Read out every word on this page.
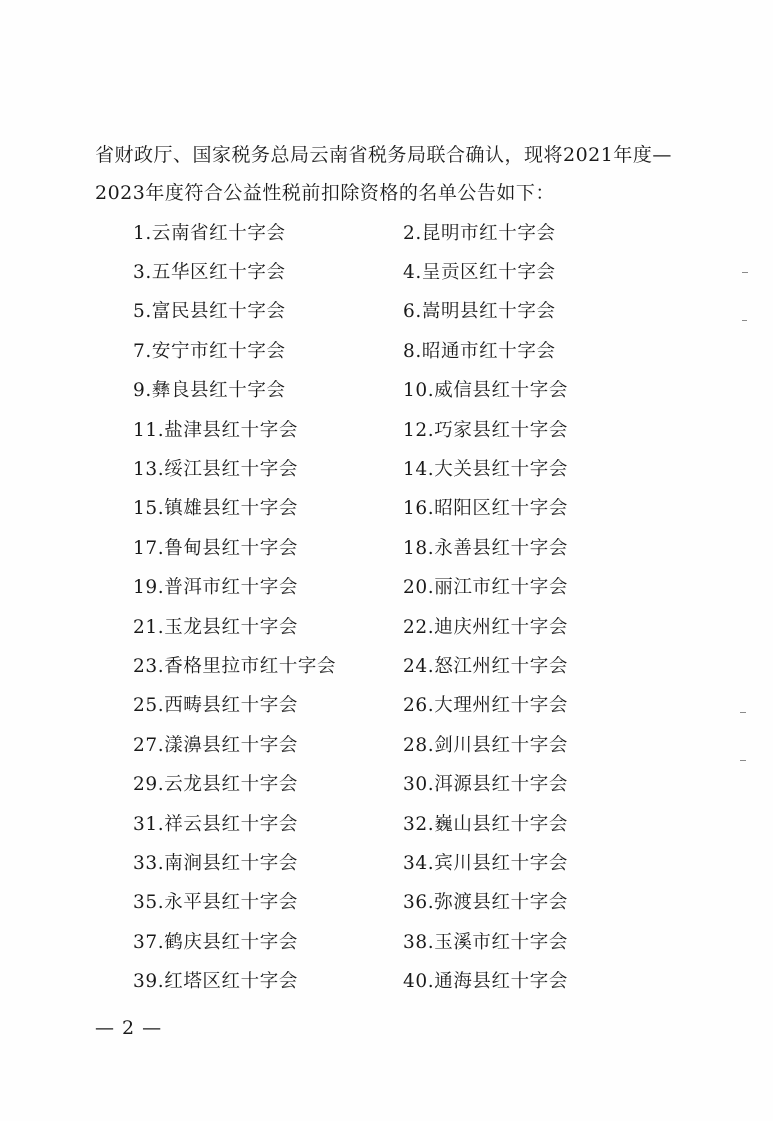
省财政厅、国家税务总局云南省税务局联合确认，现将2021年度—

2023年度符合公益性税前扣除资格的名单公告如下：

1.云南省红十字会	2.昆明市红十字会
3.五华区红十字会	4.呈贡区红十字会
5.富民县红十字会	6.嵩明县红十字会
7.安宁市红十字会	8.昭通市红十字会
9.彝良县红十字会	10.威信县红十字会
11.盐津县红十字会	12.巧家县红十字会
13.绥江县红十字会	14.大关县红十字会
15.镇雄县红十字会	16.昭阳区红十字会
17.鲁甸县红十字会	18.永善县红十字会
19.普洱市红十字会	20.丽江市红十字会
21.玉龙县红十字会	22.迪庆州红十字会
23.香格里拉市红十字会	24.怒江州红十字会
25.西畴县红十字会	26.大理州红十字会
27.漾濞县红十字会	28.剑川县红十字会
29.云龙县红十字会	30.洱源县红十字会
31.祥云县红十字会	32.巍山县红十字会
33.南涧县红十字会	34.宾川县红十字会
35.永平县红十字会	36.弥渡县红十字会
37.鹤庆县红十字会	38.玉溪市红十字会
39.红塔区红十字会	40.通海县红十字会
— 2 —
